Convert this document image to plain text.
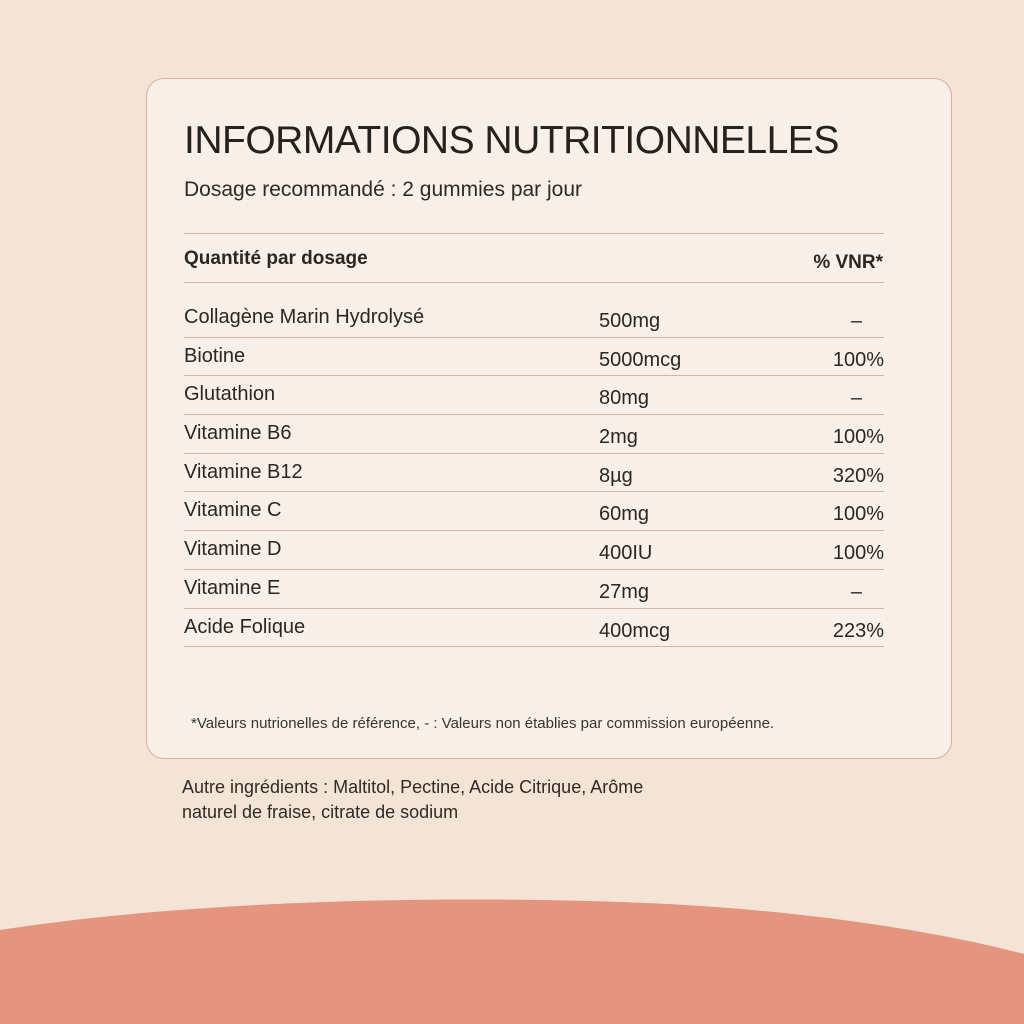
INFORMATIONS NUTRITIONNELLES
Dosage recommandé : 2 gummies par jour
Quantité par dosage	% VNR*
Collagène Marin Hydrolysé	500mg	–
Biotine	5000mcg	100%
Glutathion	80mg	–
Vitamine B6	2mg	100%
Vitamine B12	8µg	320%
Vitamine C	60mg	100%
Vitamine D	400IU	100%
Vitamine E	27mg	–
Acide Folique	400mcg	223%
*Valeurs nutrionelles de référence, - : Valeurs non établies par commission européenne.
Autre ingrédients : Maltitol, Pectine, Acide Citrique, Arôme
naturel de fraise, citrate de sodium
